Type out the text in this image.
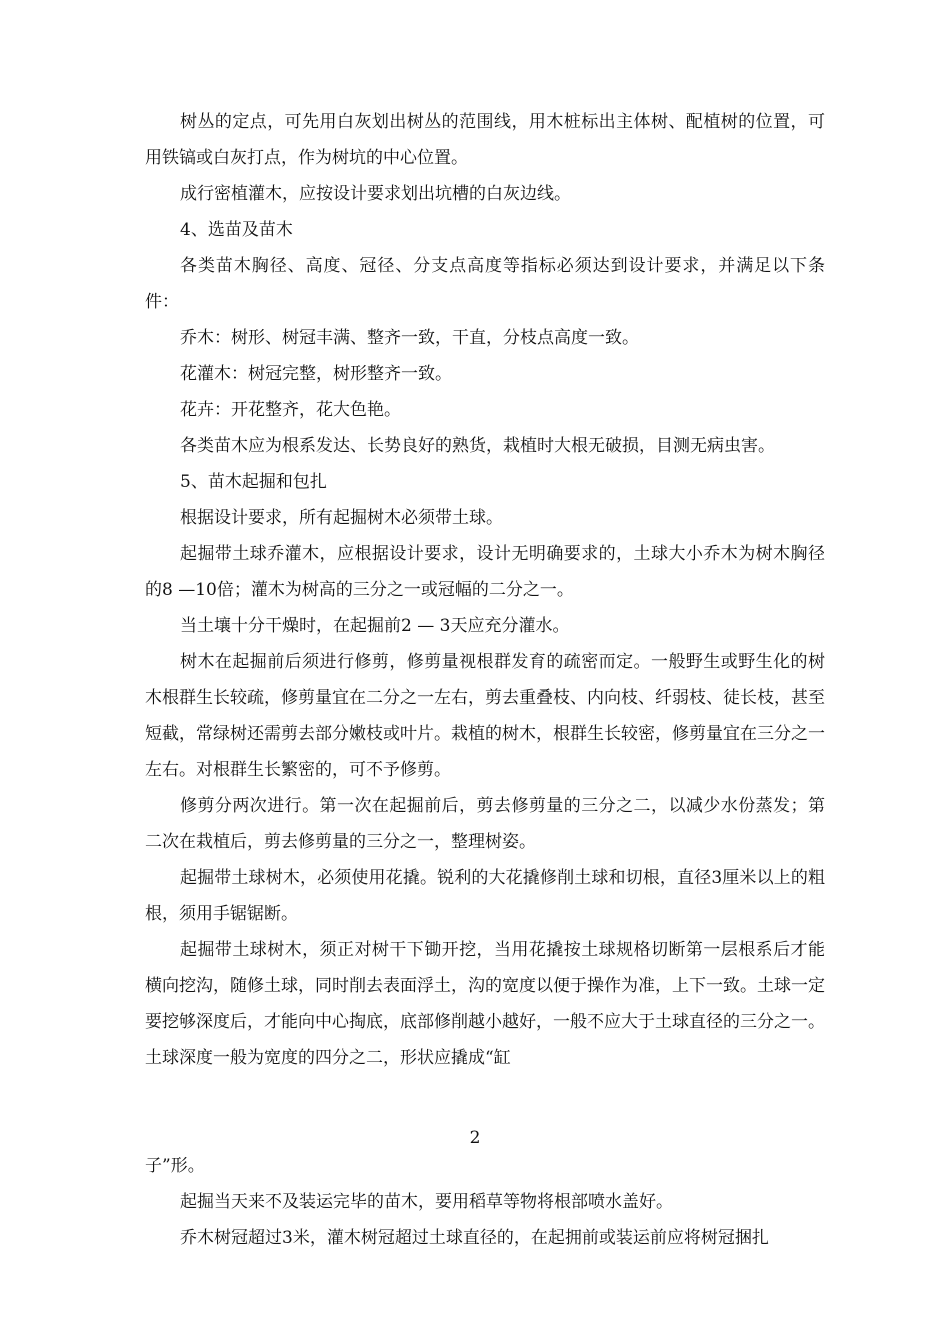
树丛的定点，可先用白灰划出树丛的范围线，用木桩标出主体树、配植树的位置，可用铁镐或白灰打点，作为树坑的中心位置。

成行密植灌木，应按设计要求划出坑槽的白灰边线。

4、选苗及苗木

各类苗木胸径、高度、冠径、分支点高度等指标必须达到设计要求，并满足以下条件：

乔木：树形、树冠丰满、整齐一致，干直，分枝点高度一致。

花灌木：树冠完整，树形整齐一致。

花卉：开花整齐，花大色艳。

各类苗木应为根系发达、长势良好的熟货，栽植时大根无破损，目测无病虫害。

5、苗木起掘和包扎

根据设计要求，所有起掘树木必须带土球。

起掘带土球乔灌木，应根据设计要求，设计无明确要求的，土球大小乔木为树木胸径的8 —10倍；灌木为树高的三分之一或冠幅的二分之一。

当土壤十分干燥时，在起掘前2 — 3天应充分灌水。

树木在起掘前后须进行修剪，修剪量视根群发育的疏密而定。一般野生或野生化的树木根群生长较疏，修剪量宜在二分之一左右，剪去重叠枝、内向枝、纤弱枝、徒长枝，甚至短截，常绿树还需剪去部分嫩枝或叶片。栽植的树木，根群生长较密，修剪量宜在三分之一左右。对根群生长繁密的，可不予修剪。

修剪分两次进行。第一次在起掘前后，剪去修剪量的三分之二，以减少水份蒸发；第二次在栽植后，剪去修剪量的三分之一，整理树姿。

起掘带土球树木，必须使用花撬。锐利的大花撬修削土球和切根，直径3厘米以上的粗根，须用手锯锯断。

起掘带土球树木，须正对树干下锄开挖，当用花撬按土球规格切断第一层根系后才能横向挖沟，随修土球，同时削去表面浮土，沟的宽度以便于操作为准，上下一致。土球一定要挖够深度后，才能向中心掏底，底部修削越小越好，一般不应大于土球直径的三分之一。土球深度一般为宽度的四分之二，形状应撬成“缸

2

子”形。

起掘当天来不及装运完毕的苗木，要用稻草等物将根部喷水盖好。

乔木树冠超过3米，灌木树冠超过土球直径的，在起拥前或装运前应将树冠捆扎
